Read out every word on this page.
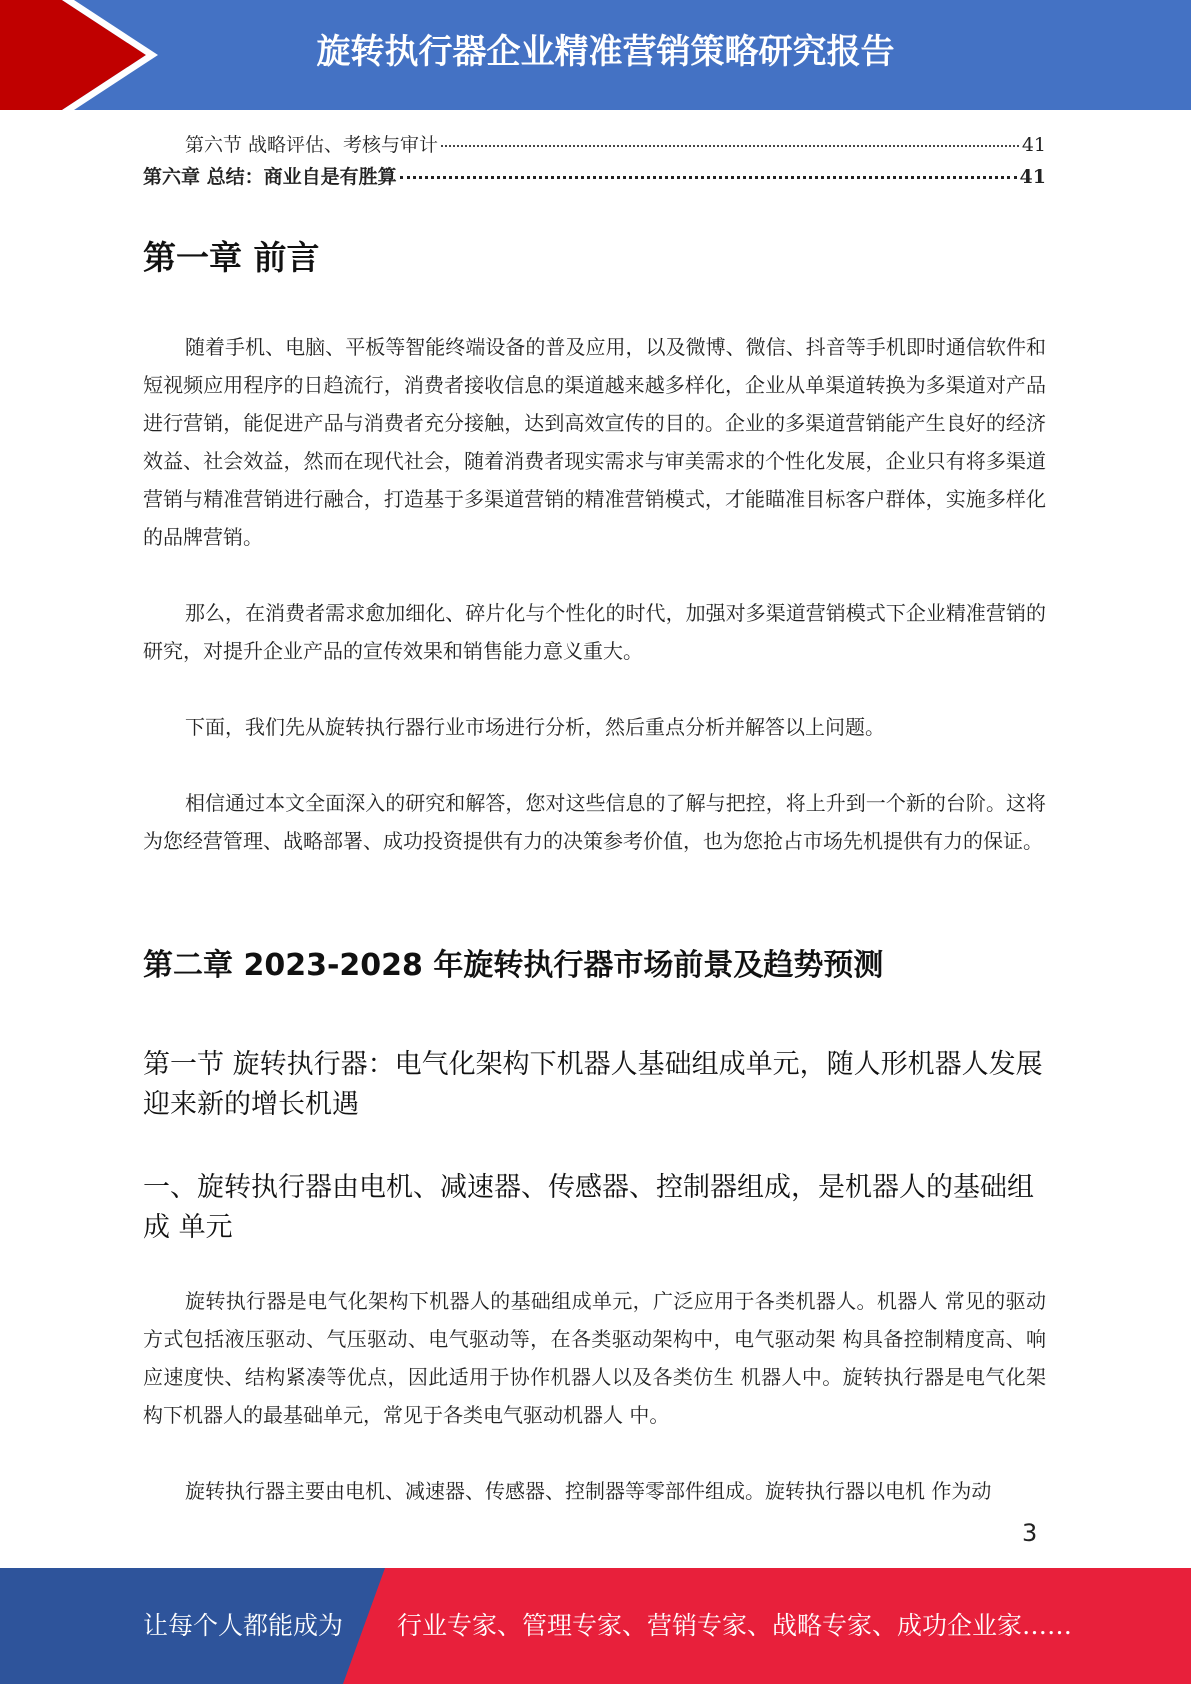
旋转执行器企业精准营销策略研究报告
第六节 战略评估、考核与审计	41
第六章 总结：商业自是有胜算	41
第一章 前言

随着手机、电脑、平板等智能终端设备的普及应用，以及微博、微信、抖音等手机即时通信软件和短视频应用程序的日趋流行，消费者接收信息的渠道越来越多样化，企业从单渠道转换为多渠道对产品进行营销，能促进产品与消费者充分接触，达到高效宣传的目的。企业的多渠道营销能产生良好的经济效益、社会效益，然而在现代社会，随着消费者现实需求与审美需求的个性化发展，企业只有将多渠道营销与精准营销进行融合，打造基于多渠道营销的精准营销模式，才能瞄准目标客户群体，实施多样化的品牌营销。

那么，在消费者需求愈加细化、碎片化与个性化的时代，加强对多渠道营销模式下企业精准营销的研究，对提升企业产品的宣传效果和销售能力意义重大。

下面，我们先从旋转执行器行业市场进行分析，然后重点分析并解答以上问题。

相信通过本文全面深入的研究和解答，您对这些信息的了解与把控，将上升到一个新的台阶。这将为您经营管理、战略部署、成功投资提供有力的决策参考价值，也为您抢占市场先机提供有力的保证。

第二章 2023-2028 年旋转执行器市场前景及趋势预测
第一节 旋转执行器：电气化架构下机器人基础组成单元，随人形机器人发展迎来新的增长机遇
一、旋转执行器由电机、减速器、传感器、控制器组成，是机器人的基础组成 单元

旋转执行器是电气化架构下机器人的基础组成单元，广泛应用于各类机器人。机器人 常见的驱动方式包括液压驱动、气压驱动、电气驱动等，在各类驱动架构中，电气驱动架 构具备控制精度高、响应速度快、结构紧凑等优点，因此适用于协作机器人以及各类仿生 机器人中。旋转执行器是电气化架构下机器人的最基础单元，常见于各类电气驱动机器人 中。

旋转执行器主要由电机、减速器、传感器、控制器等零部件组成。旋转执行器以电机 作为动

3
让每个人都能成为 行业专家、管理专家、营销专家、战略专家、成功企业家……
